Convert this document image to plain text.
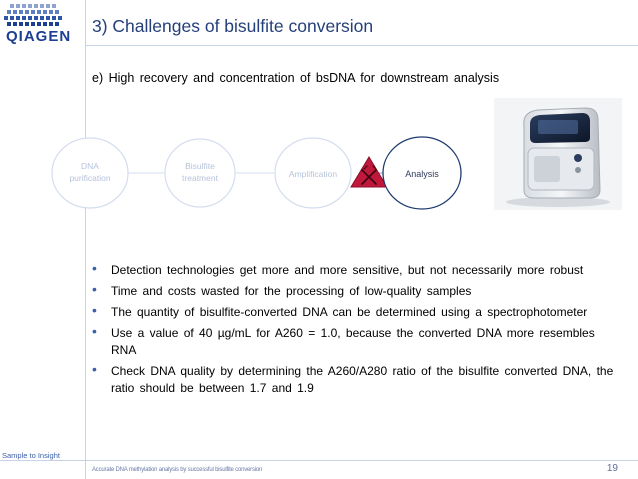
QIAGEN
3) Challenges of bisulfite conversion
e) High recovery and concentration of bsDNA for downstream analysis
DNA
purification
Bisulfite
treatment	Amplification	Analysis
• Detection technologies get more and more sensitive, but not necessarily more robust
• Time and costs wasted for the processing of low-quality samples
• The quantity of bisulfite-converted DNA can be determined using a spectrophotometer
• Use a value of 40 µg/mL for A260 = 1.0, because the converted DNA more resembles RNA
• Check DNA quality by determining the A260/A280 ratio of the bisulfite converted DNA, the ratio should be between 1.7 and 1.9
Sample to Insight
Accurate DNA methylation analysis by successful bisulfite conversion	19
